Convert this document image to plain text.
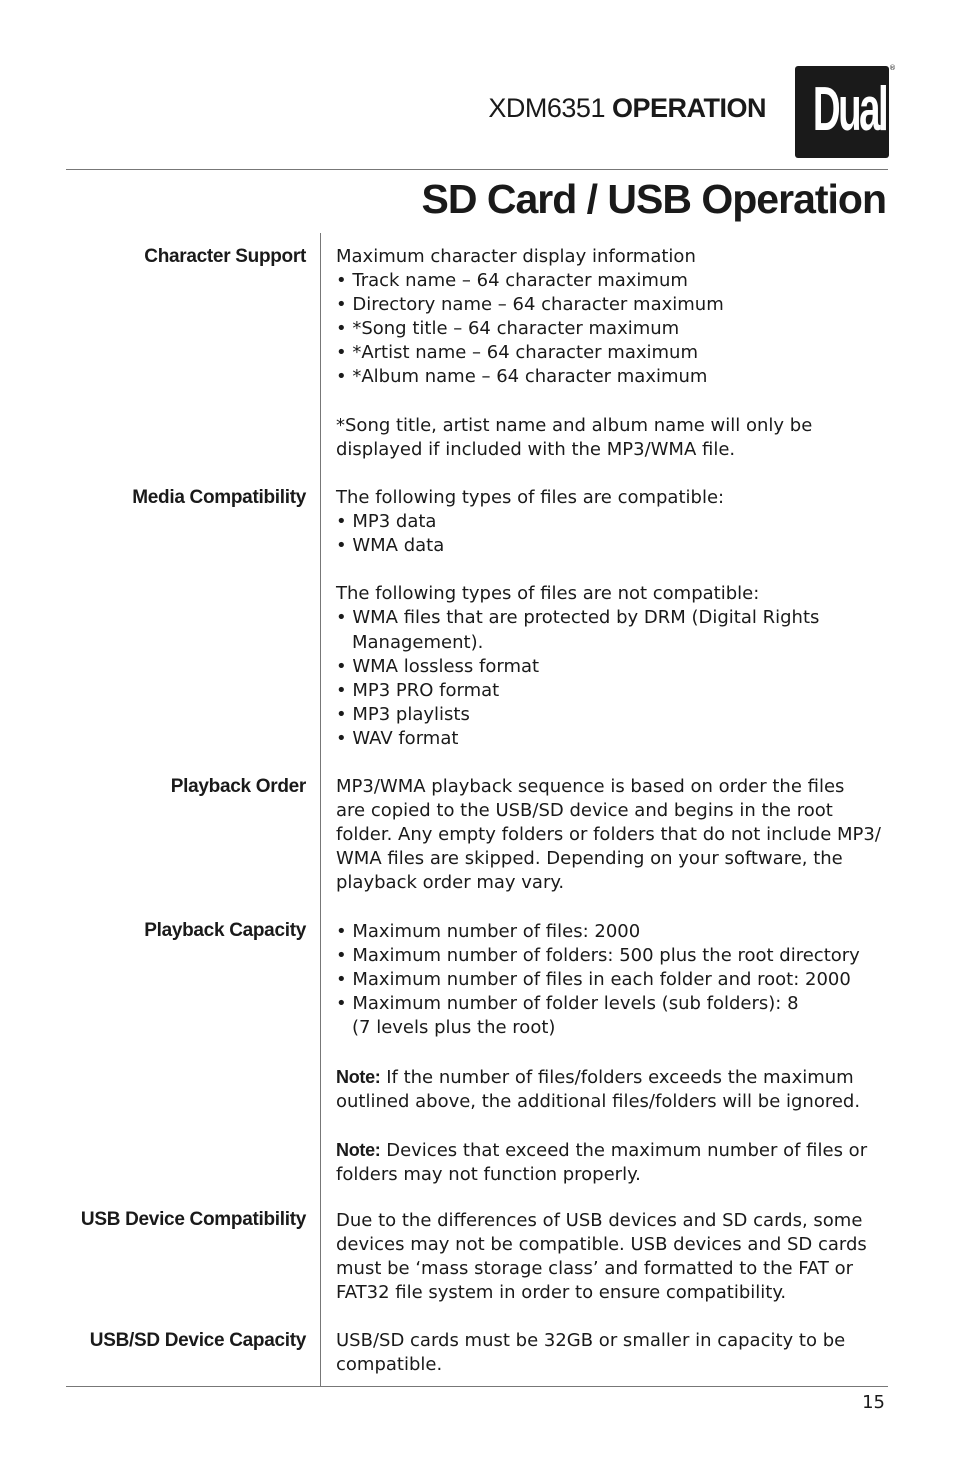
XDM6351 OPERATION Dual
®
SD Card / USB Operation
Character Support Maximum character display information
• Track name – 64 character maximum
• Directory name – 64 character maximum
• *Song title – 64 character maximum
• *Artist name – 64 character maximum
• *Album name – 64 character maximum
*Song title, artist name and album name will only be
displayed if included with the MP3/WMA file.
Media Compatibility The following types of files are compatible:
• MP3 data
• WMA data
The following types of files are not compatible:
• WMA files that are protected by DRM (Digital Rights
Management).
• WMA lossless format
• MP3 PRO format
• MP3 playlists
• WAV format
Playback Order MP3/WMA playback sequence is based on order the files
are copied to the USB/SD device and begins in the root
folder. Any empty folders or folders that do not include MP3/
WMA files are skipped. Depending on your software, the
playback order may vary.
Playback Capacity • Maximum number of files: 2000
• Maximum number of folders: 500 plus the root directory
• Maximum number of files in each folder and root: 2000
• Maximum number of folder levels (sub folders): 8
(7 levels plus the root)
Note: If the number of files/folders exceeds the maximum
outlined above, the additional files/folders will be ignored.
Note: Devices that exceed the maximum number of files or
folders may not function properly.
USB Device Compatibility Due to the differences of USB devices and SD cards, some
devices may not be compatible. USB devices and SD cards
must be ‘mass storage class’ and formatted to the FAT or
FAT32 file system in order to ensure compatibility.
USB/SD Device Capacity USB/SD cards must be 32GB or smaller in capacity to be
compatible.
15
